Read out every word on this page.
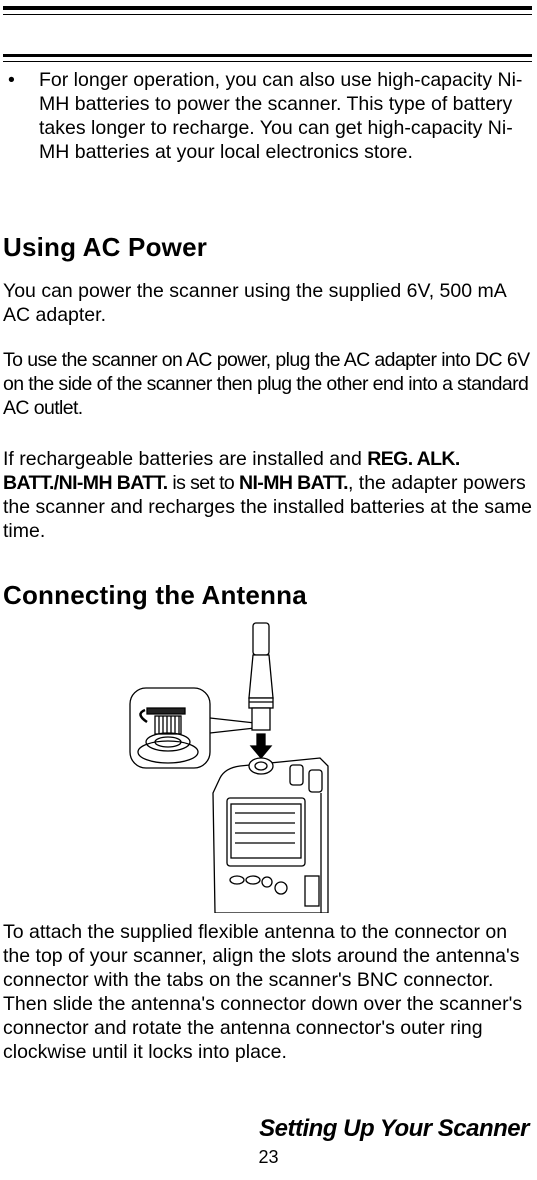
• For longer operation, you can also use high-capacity Ni-MH batteries to power the scanner. This type of battery takes longer to recharge. You can get high-capacity Ni-MH batteries at your local electronics store.
Using AC Power

You can power the scanner using the supplied 6V, 500 mA AC adapter.

To use the scanner on AC power, plug the AC adapter into DC 6V on the side of the scanner then plug the other end into a standard AC outlet.

If rechargeable batteries are installed and REG. ALK. BATT./NI-MH BATT. is set to NI-MH BATT., the adapter powers the scanner and recharges the installed batteries at the same time.

Connecting the Antenna

To attach the supplied flexible antenna to the connector on the top of your scanner, align the slots around the antenna's connector with the tabs on the scanner's BNC connector. Then slide the antenna's connector down over the scanner's connector and rotate the antenna connector's outer ring clockwise until it locks into place.

Setting Up Your Scanner
23
